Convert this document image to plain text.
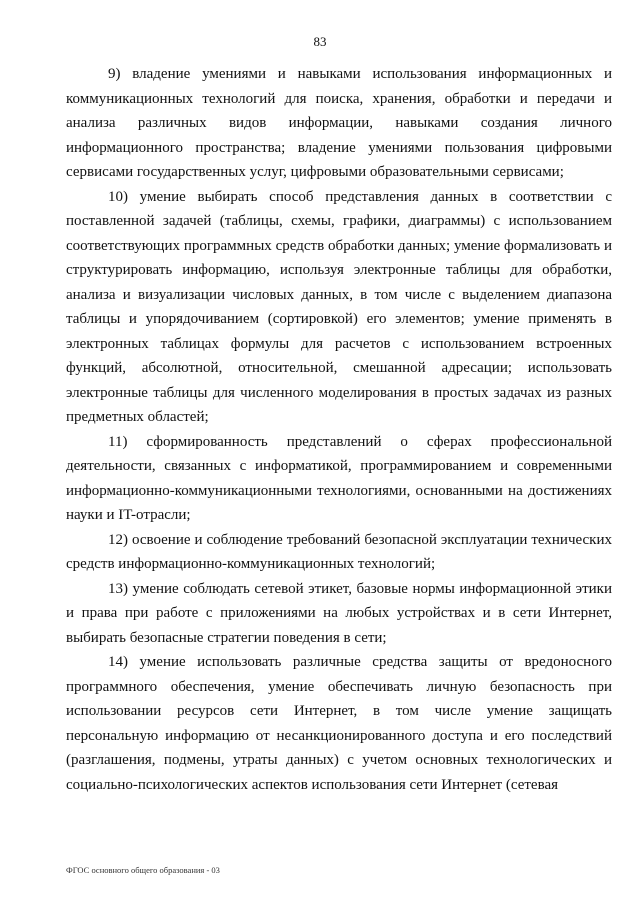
83

9) владение умениями и навыками использования информационных и коммуникационных технологий для поиска, хранения, обработки и передачи и анализа различных видов информации, навыками создания личного информационного пространства; владение умениями пользования цифровыми сервисами государственных услуг, цифровыми образовательными сервисами;

10) умение выбирать способ представления данных в соответствии с поставленной задачей (таблицы, схемы, графики, диаграммы) с использованием соответствующих программных средств обработки данных; умение формализовать и структурировать информацию, используя электронные таблицы для обработки, анализа и визуализации числовых данных, в том числе с выделением диапазона таблицы и упорядочиванием (сортировкой) его элементов; умение применять в электронных таблицах формулы для расчетов с использованием встроенных функций, абсолютной, относительной, смешанной адресации; использовать электронные таблицы для численного моделирования в простых задачах из разных предметных областей;

11) сформированность представлений о сферах профессиональной деятельности, связанных с информатикой, программированием и современными информационно-коммуникационными технологиями, основанными на достижениях науки и IT-отрасли;

12) освоение и соблюдение требований безопасной эксплуатации технических средств информационно-коммуникационных технологий;

13) умение соблюдать сетевой этикет, базовые нормы информационной этики и права при работе с приложениями на любых устройствах и в сети Интернет, выбирать безопасные стратегии поведения в сети;

14) умение использовать различные средства защиты от вредоносного программного обеспечения, умение обеспечивать личную безопасность при использовании ресурсов сети Интернет, в том числе умение защищать персональную информацию от несанкционированного доступа и его последствий (разглашения, подмены, утраты данных) с учетом основных технологических и социально-психологических аспектов использования сети Интернет (сетевая

ФГОС основного общего образования - 03
